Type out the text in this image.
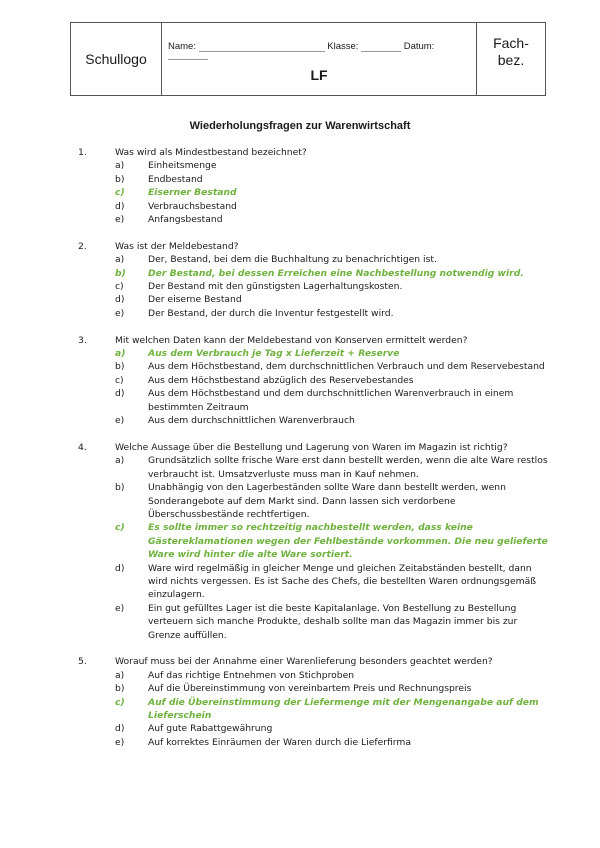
Schullogo
Name:	Klasse:	Datum:
LF
Fach-
bez.
Wiederholungsfragen zur Warenwirtschaft
1.	Was wird als Mindestbestand bezeichnet?
a)	Einheitsmenge
b)	Endbestand
c)	Eiserner Bestand
d)	Verbrauchsbestand
e)	Anfangsbestand
2.	Was ist der Meldebestand?
a)	Der, Bestand, bei dem die Buchhaltung zu benachrichtigen ist.
b) Der Bestand, bei dessen Erreichen eine Nachbestellung notwendig wird.
c)	Der Bestand mit den günstigsten Lagerhaltungskosten.
d)	Der eiserne Bestand
e)	Der Bestand, der durch die Inventur festgestellt wird.
3.	Mit welchen Daten kann der Meldebestand von Konserven ermittelt werden?
a) Aus dem Verbrauch je Tag x Lieferzeit + Reserve
b)	Aus dem Höchstbestand, dem durchschnittlichen Verbrauch und dem Reservebestand
c)	Aus dem Höchstbestand abzüglich des Reservebestandes
d)	Aus dem Höchstbestand und dem durchschnittlichen Warenverbrauch in einem bestimmten Zeitraum
e)	Aus dem durchschnittlichen Warenverbrauch
4.	Welche Aussage über die Bestellung und Lagerung von Waren im Magazin ist richtig?
a)	Grundsätzlich sollte frische Ware erst dann bestellt werden, wenn die alte Ware restlos verbraucht ist. Umsatzverluste muss man in Kauf nehmen.
b)	Unabhängig von den Lagerbeständen sollte Ware dann bestellt werden, wenn Sonderangebote auf dem Markt sind. Dann lassen sich verdorbene Überschussbestände rechtfertigen.
c)	Es sollte immer so rechtzeitig nachbestellt werden, dass keine Gästereklamationen wegen der Fehlbestände vorkommen. Die neu gelieferte Ware wird hinter die alte Ware sortiert.
d)	Ware wird regelmäßig in gleicher Menge und gleichen Zeitabständen bestellt, dann wird nichts vergessen. Es ist Sache des Chefs, die bestellten Waren ordnungsgemäß einzulagern.
e)	Ein gut gefülltes Lager ist die beste Kapitalanlage. Von Bestellung zu Bestellung verteuern sich manche Produkte, deshalb sollte man das Magazin immer bis zur Grenze auffüllen.
5.	Worauf muss bei der Annahme einer Warenlieferung besonders geachtet werden?
a)	Auf das richtige Entnehmen von Stichproben
b)	Auf die Übereinstimmung von vereinbartem Preis und Rechnungspreis
c)	Auf die Übereinstimmung der Liefermenge mit der Mengenangabe auf dem Lieferschein
d)	Auf gute Rabattgewährung
e)	Auf korrektes Einräumen der Waren durch die Lieferfirma
